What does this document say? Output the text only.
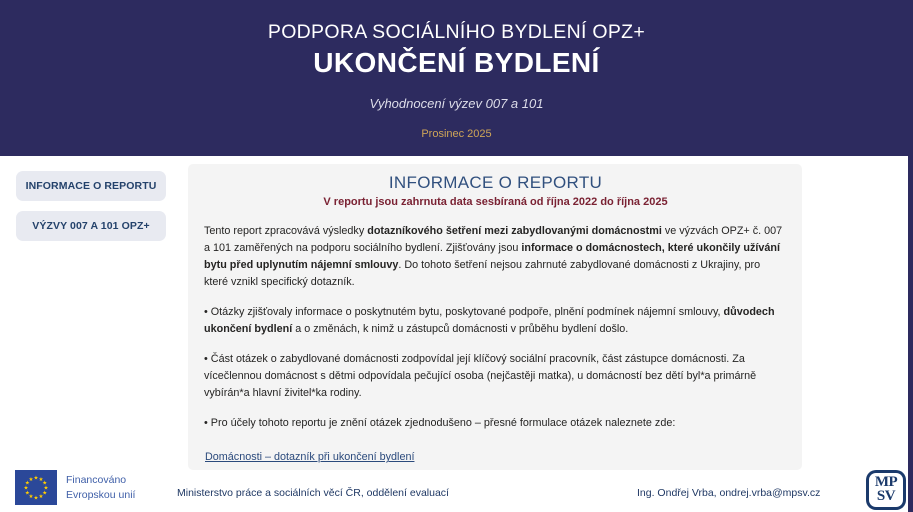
PODPORA SOCIÁLNÍHO BYDLENÍ OPZ+
UKONČENÍ BYDLENÍ
Vyhodnocení výzev 007 a 101
Prosinec 2025
INFORMACE O REPORTU
VÝZVY 007 A 101 OPZ+
INFORMACE O REPORTU
V reportu jsou zahrnuta data sesbíraná od října 2022 do října 2025
Tento report zpracovává výsledky dotazníkového šetření mezi zabydlovanými domácnostmi ve výzvách OPZ+ č. 007 a 101 zaměřených na podporu sociálního bydlení. Zjišťovány jsou informace o domácnostech, které ukončily užívání bytu před uplynutím nájemní smlouvy. Do tohoto šetření nejsou zahrnuté zabydlované domácnosti z Ukrajiny, pro které vznikl specifický dotazník.
• Otázky zjišťovaly informace o poskytnutém bytu, poskytované podpoře, plnění podmínek nájemní smlouvy, důvodech ukončení bydlení a o změnách, k nimž u zástupců domácnosti v průběhu bydlení došlo.
• Část otázek o zabydlované domácnosti zodpovídal její klíčový sociální pracovník, část zástupce domácnosti. Za vícečlennou domácnost s dětmi odpovídala pečující osoba (nejčastěji matka), u domácností bez dětí byl*a primárně vybírán*a hlavní živitel*ka rodiny.
• Pro účely tohoto reportu je znění otázek zjednodušeno – přesné formulace otázek naleznete zde:
Domácnosti – dotazník při ukončení bydlení
★ ★
★
★
★
★
★
★
★
★
★
★	Financováno
Evropskou unií	Ministerstvo práce a sociálních věcí ČR, oddělení evaluací	Ing. Ondřej Vrba, ondrej.vrba@mpsv.cz
MP
SV
